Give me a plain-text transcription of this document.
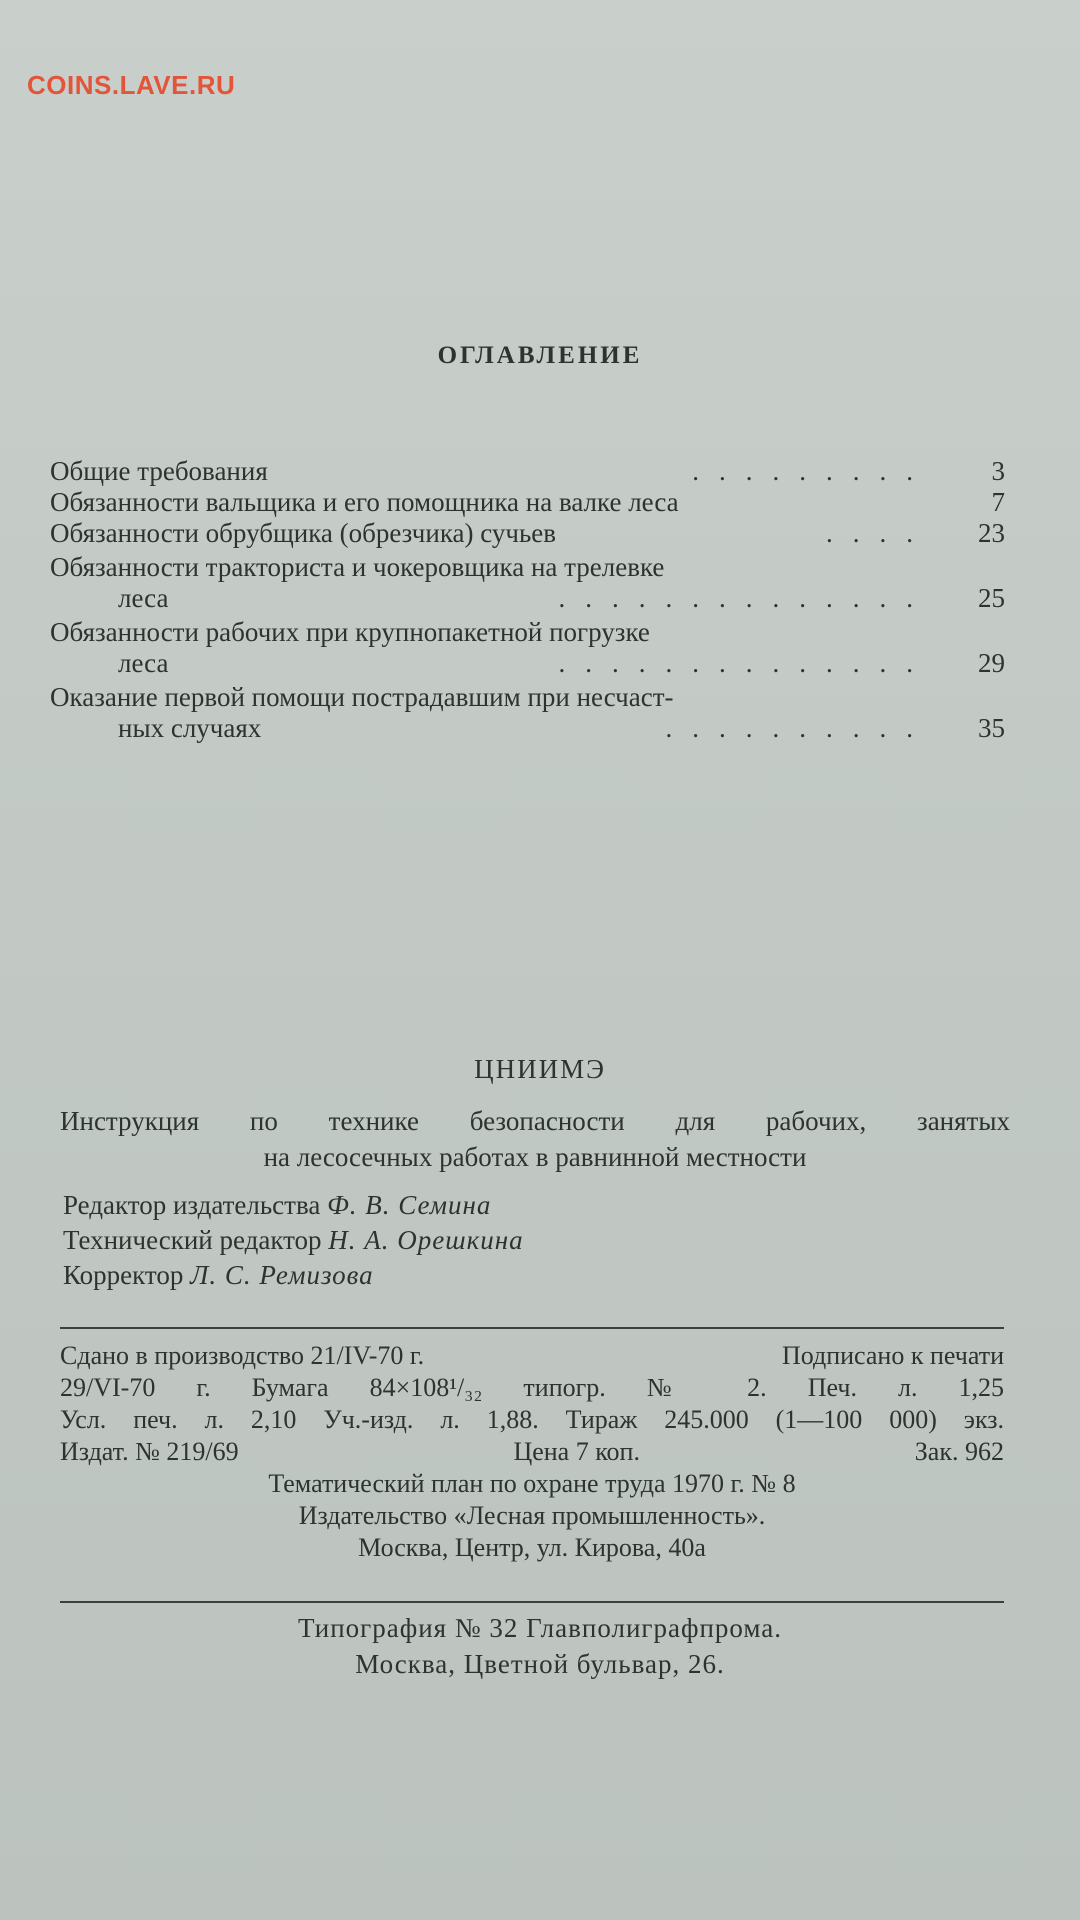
COINS.LAVE.RU
ОГЛАВЛЕНИЕ
Общие требования	.........	3
Обязанности вальщика и его помощника на валке леса	7
Обязанности обрубщика (обрезчика) сучьев	....	23
Обязанности тракториста и чокеровщика на трелевке
леса	..............	25
Обязанности рабочих при крупнопакетной погрузке
леса	..............	29
Оказание первой помощи пострадавшим при несчаст-
ных случаях	..........	35
ЦНИИМЭ
Инструкция по технике безопасности для рабочих, занятых
на лесосечных работах в равнинной местности
Редактор издательства Ф. В. Семина
Технический редактор Н. А. Орешкина
Корректор Л. С. Ремизова
Сдано в производство 21/IV-70 г.	Подписано к печати
29/VI-70 г. Бумага 84×108¹/₃₂ типогр. № 2. Печ. л. 1,25
Усл. печ. л. 2,10 Уч.-изд. л. 1,88. Тираж 245.000 (1—100 000) экз.
Издат. № 219/69	Цена 7 коп.	Зак. 962
Тематический план по охране труда 1970 г. № 8
Издательство «Лесная промышленность».
Москва, Центр, ул. Кирова, 40а
Типография № 32 Главполиграфпрома.
Москва, Цветной бульвар, 26.
